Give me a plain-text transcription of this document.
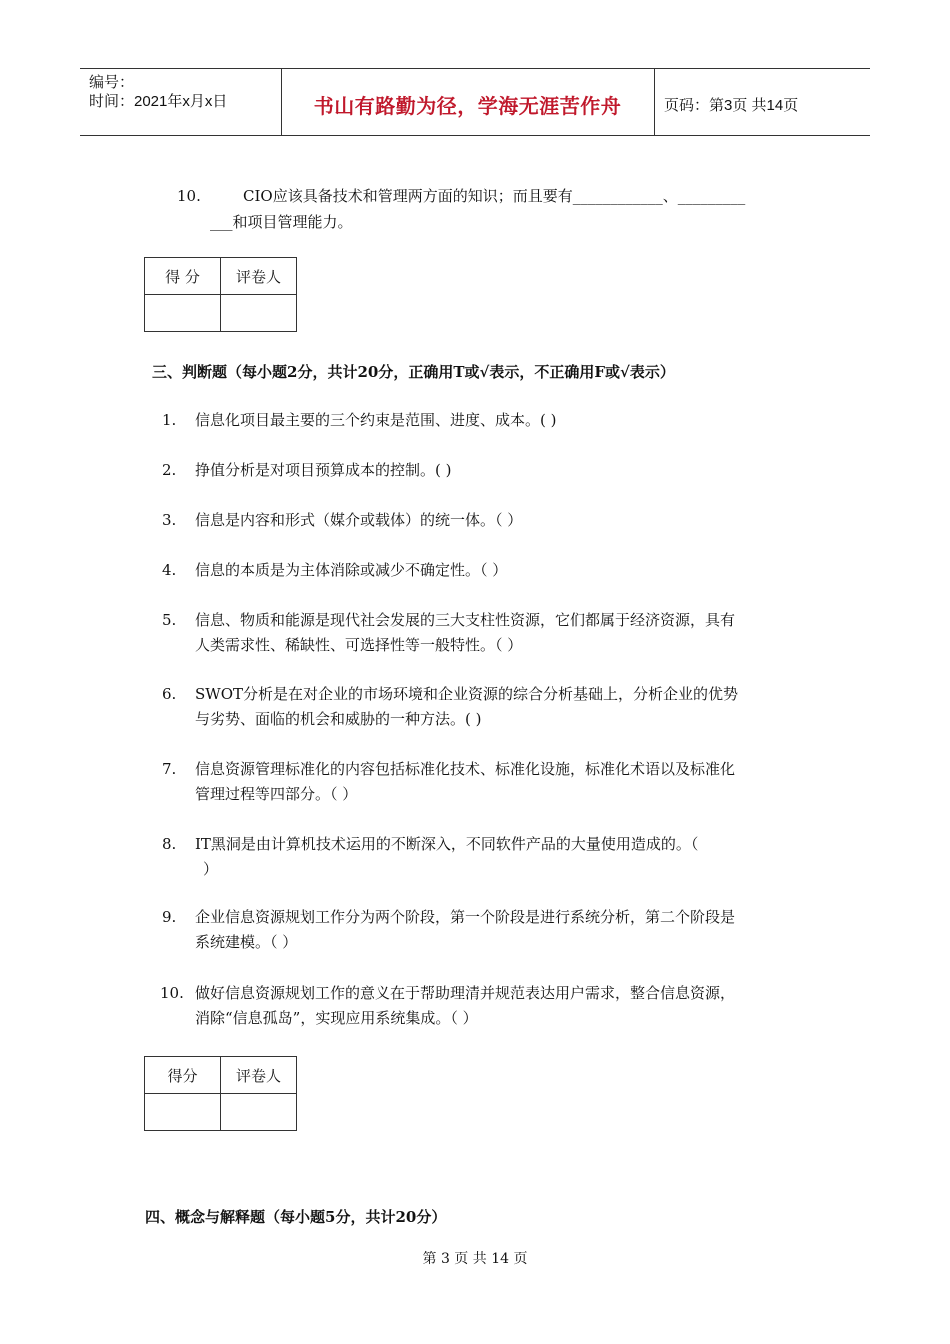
编号：
时间：2021年x月x日	书山有路勤为径，学海无涯苦作舟	页码：第3页 共14页
10.	CIO应该具备技术和管理两方面的知识；而且要有____________、_________
___和项目管理能力。
得 分	评卷人

三、判断题（每小题2分，共计20分，正确用T或√表示，不正确用F或√表示）
1. 信息化项目最主要的三个约束是范围、进度、成本。( )
2. 挣值分析是对项目预算成本的控制。( )
3. 信息是内容和形式（媒介或载体）的统一体。（ ）
4. 信息的本质是为主体消除或减少不确定性。（ ）
5. 信息、物质和能源是现代社会发展的三大支柱性资源，它们都属于经济资源，具有
人类需求性、稀缺性、可选择性等一般特性。（ ）
6. SWOT分析是在对企业的市场环境和企业资源的综合分析基础上，分析企业的优势
与劣势、面临的机会和威胁的一种方法。( )
7. 信息资源管理标准化的内容包括标准化技术、标准化设施，标准化术语以及标准化
管理过程等四部分。（ ）
8. IT黑洞是由计算机技术运用的不断深入，不同软件产品的大量使用造成的。（
）
9. 企业信息资源规划工作分为两个阶段，第一个阶段是进行系统分析，第二个阶段是
系统建模。（ ）
10. 做好信息资源规划工作的意义在于帮助理清并规范表达用户需求，整合信息资源，
消除“信息孤岛”，实现应用系统集成。（ ）
得分	评卷人

四、概念与解释题（每小题5分，共计20分）
第 3 页 共 14 页
